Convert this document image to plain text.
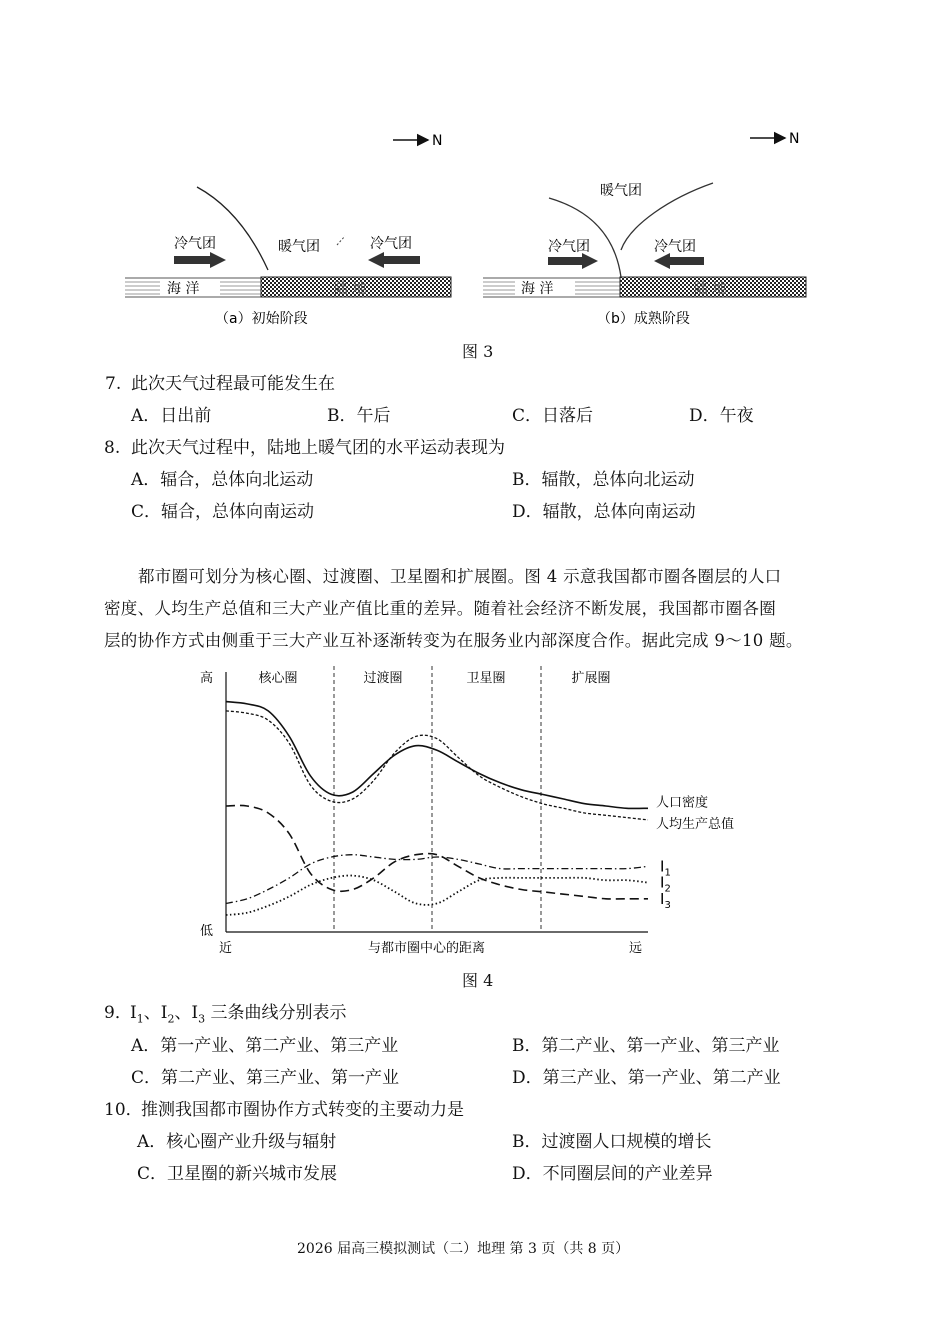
N
冷气团	暖气团	冷气团
海 洋	陆 地
（a）初始阶段
N
暖气团
冷气团	冷气团
海 洋	陆 地
（b）成熟阶段
图 3
7. 此次天气过程最可能发生在
A．日出前	B．午后	C．日落后	D．午夜
8. 此次天气过程中，陆地上暖气团的水平运动表现为
A．辐合，总体向北运动	B．辐散，总体向北运动
C．辐合，总体向南运动	D．辐散，总体向南运动
都市圈可划分为核心圈、过渡圈、卫星圈和扩展圈。图 4 示意我国都市圈各圈层的人口
密度、人均生产总值和三大产业产值比重的差异。随着社会经济不断发展，我国都市圈各圈
层的协作方式由侧重于三大产业互补逐渐转变为在服务业内部深度合作。据此完成 9～10 题。
高
低
近	与都市圈中心的距离	远
核心圈	过渡圈	卫星圈	扩展圈
人口密度
人均生产总值
$I_1$
$I_2$
$I_3$
图 4
9．
$I_1$、$I_2$、$I_3$ 三条曲线分别表示
A．第一产业、第二产业、第三产业	B．第二产业、第一产业、第三产业
C．第二产业、第三产业、第一产业	D．第三产业、第一产业、第二产业
10．
推测我国都市圈协作方式转变的主要动力是
A．核心圈产业升级与辐射	B．过渡圈人口规模的增长
C．卫星圈的新兴城市发展	D．不同圈层间的产业差异
2026 届高三模拟测试（二）地理 第 3 页（共 8 页）
